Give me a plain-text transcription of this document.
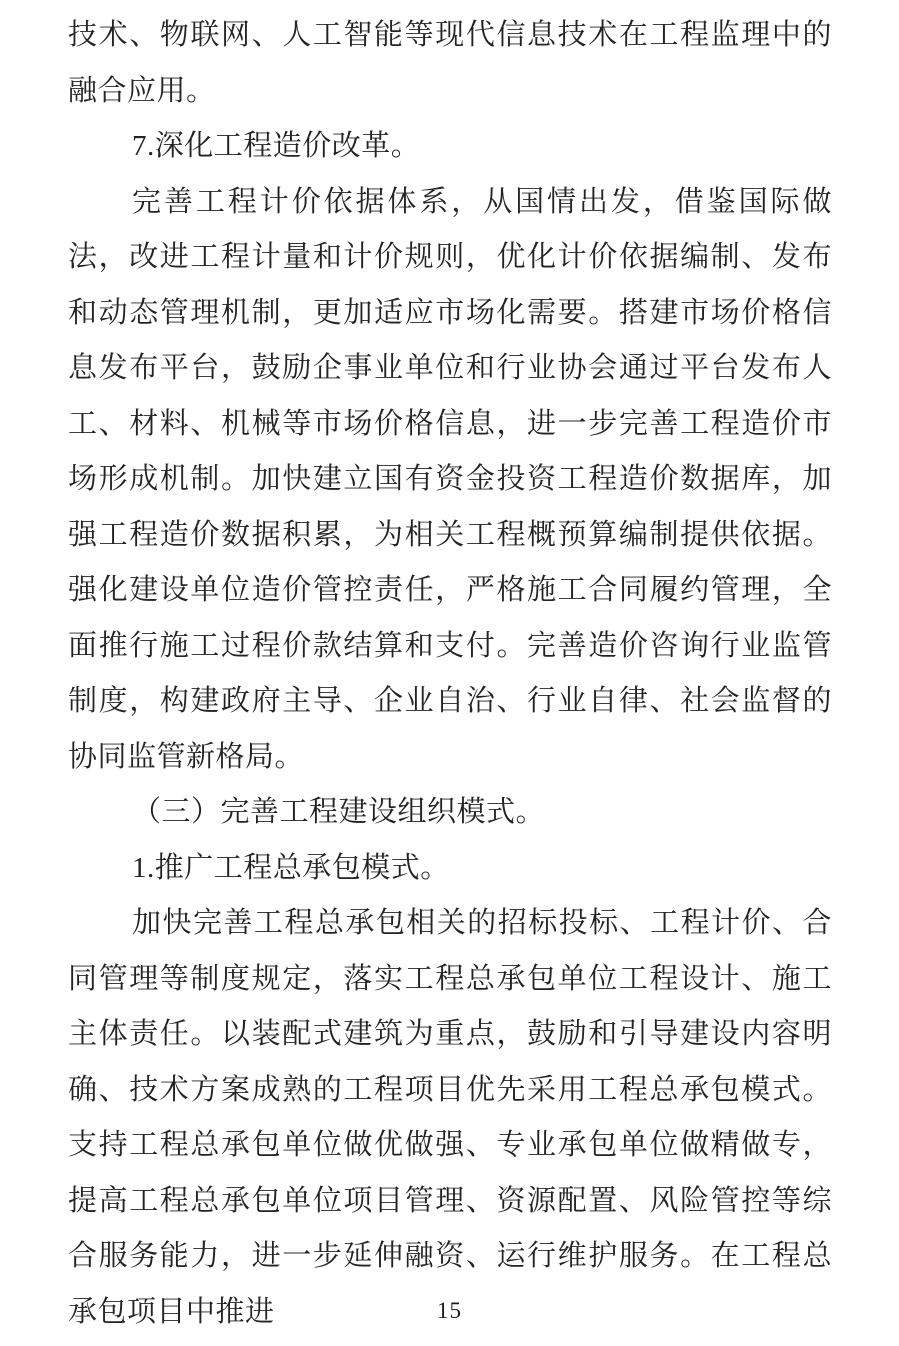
技术、物联网、人工智能等现代信息技术在工程监理中的融合应用。

7.深化工程造价改革。

完善工程计价依据体系，从国情出发，借鉴国际做法，改进工程计量和计价规则，优化计价依据编制、发布和动态管理机制，更加适应市场化需要。搭建市场价格信息发布平台，鼓励企事业单位和行业协会通过平台发布人工、材料、机械等市场价格信息，进一步完善工程造价市场形成机制。加快建立国有资金投资工程造价数据库，加强工程造价数据积累，为相关工程概预算编制提供依据。强化建设单位造价管控责任，严格施工合同履约管理，全面推行施工过程价款结算和支付。完善造价咨询行业监管制度，构建政府主导、企业自治、行业自律、社会监督的协同监管新格局。

（三）完善工程建设组织模式。

1.推广工程总承包模式。

加快完善工程总承包相关的招标投标、工程计价、合同管理等制度规定，落实工程总承包单位工程设计、施工主体责任。以装配式建筑为重点，鼓励和引导建设内容明确、技术方案成熟的工程项目优先采用工程总承包模式。支持工程总承包单位做优做强、专业承包单位做精做专，提高工程总承包单位项目管理、资源配置、风险管控等综合服务能力，进一步延伸融资、运行维护服务。在工程总承包项目中推进	15
